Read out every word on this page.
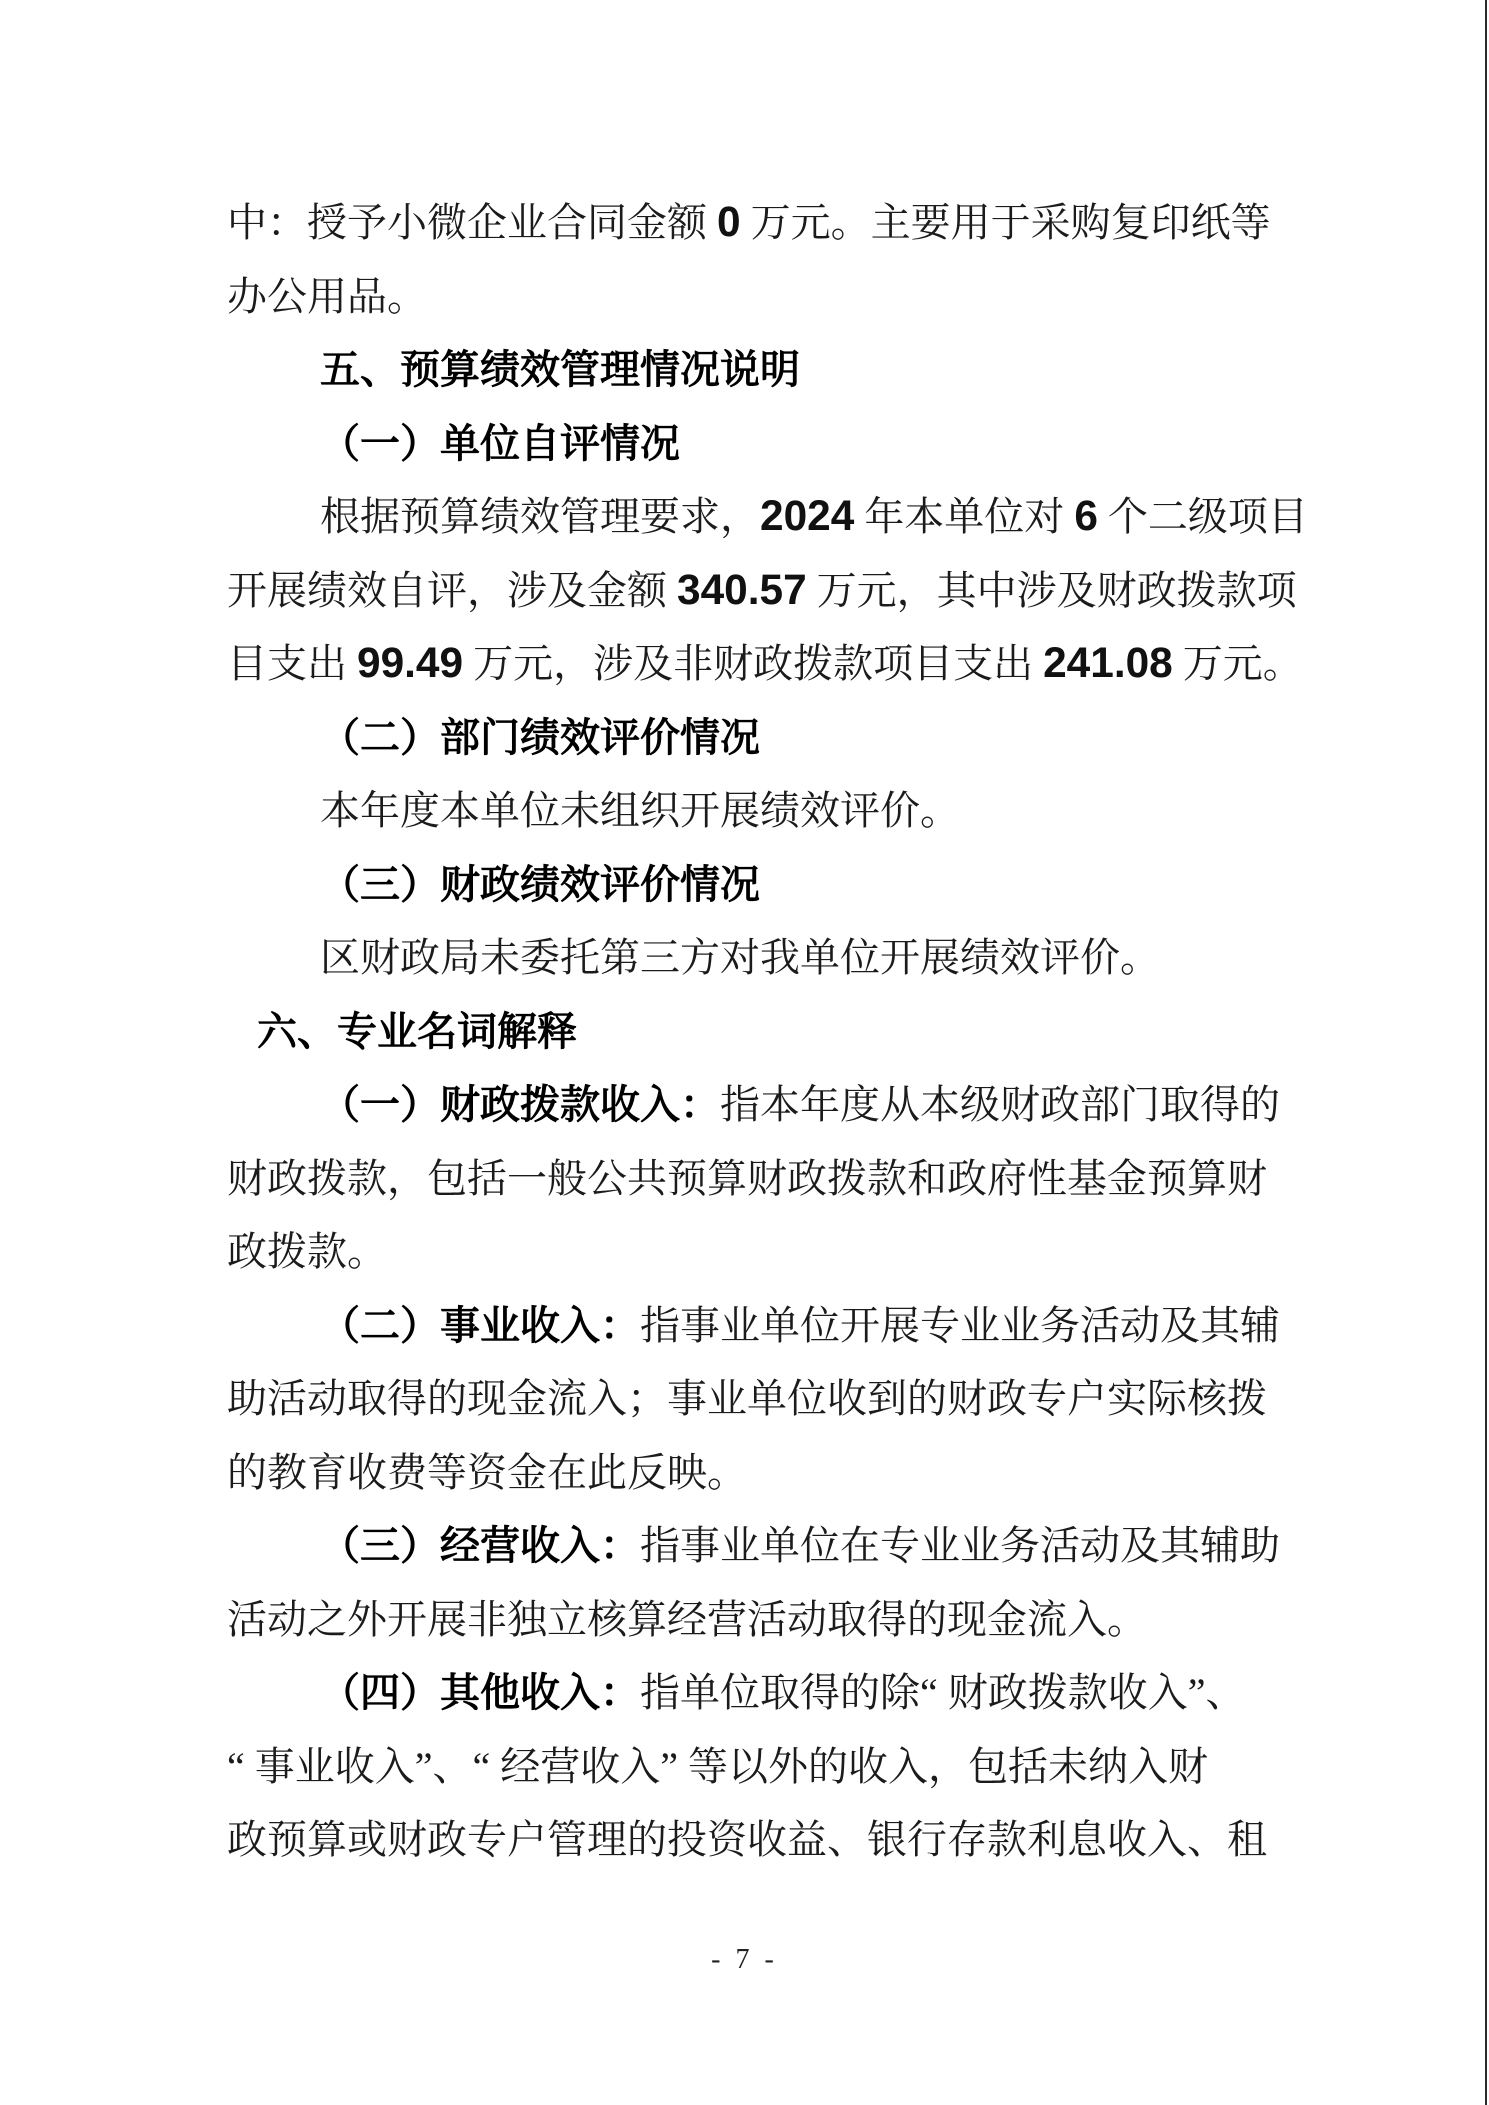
中：授予小微企业合同金额 0 万元。主要用于采购复印纸等
办公用品。
五、预算绩效管理情况说明
（一）单位自评情况
根据预算绩效管理要求，2024 年本单位对 6 个二级项目
开展绩效自评，涉及金额 340.57 万元，其中涉及财政拨款项
目支出 99.49 万元，涉及非财政拨款项目支出 241.08 万元。
（二）部门绩效评价情况
本年度本单位未组织开展绩效评价。
（三）财政绩效评价情况
区财政局未委托第三方对我单位开展绩效评价。
六、专业名词解释
（一）财政拨款收入：指本年度从本级财政部门取得的
财政拨款，包括一般公共预算财政拨款和政府性基金预算财
政拨款。
（二）事业收入：指事业单位开展专业业务活动及其辅
助活动取得的现金流入；事业单位收到的财政专户实际核拨
的教育收费等资金在此反映。
（三）经营收入：指事业单位在专业业务活动及其辅助
活动之外开展非独立核算经营活动取得的现金流入。
（四）其他收入：指单位取得的除“ 财政拨款收入”、
“ 事业收入”、“ 经营收入” 等以外的收入，包括未纳入财
政预算或财政专户管理的投资收益、银行存款利息收入、租
- 7 -
